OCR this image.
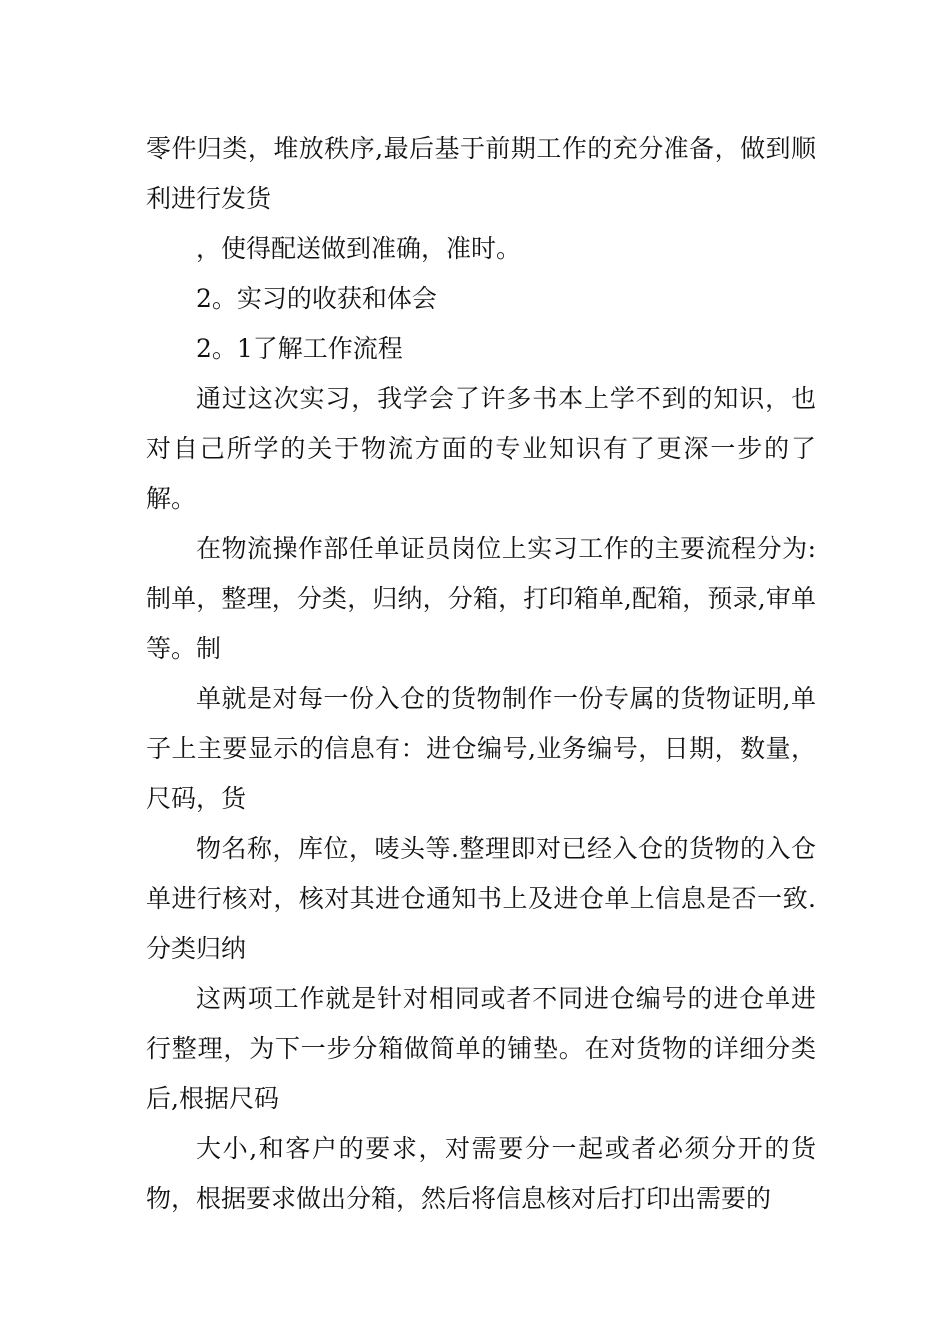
零件归类，堆放秩序,最后基于前期工作的充分准备，做到顺利进行发货

，使得配送做到准确，准时。

2。实习的收获和体会

2。1了解工作流程

通过这次实习，我学会了许多书本上学不到的知识，也对自己所学的关于物流方面的专业知识有了更深一步的了解。

在物流操作部任单证员岗位上实习工作的主要流程分为:制单，整理，分类，归纳，分箱，打印箱单,配箱，预录,审单等。制

单就是对每一份入仓的货物制作一份专属的货物证明,单子上主要显示的信息有：进仓编号,业务编号，日期，数量，尺码，货

物名称，库位，唛头等.整理即对已经入仓的货物的入仓单进行核对，核对其进仓通知书上及进仓单上信息是否一致.分类归纳

这两项工作就是针对相同或者不同进仓编号的进仓单进行整理，为下一步分箱做简单的铺垫。在对货物的详细分类后,根据尺码

大小,和客户的要求，对需要分一起或者必须分开的货物，根据要求做出分箱，然后将信息核对后打印出需要的
